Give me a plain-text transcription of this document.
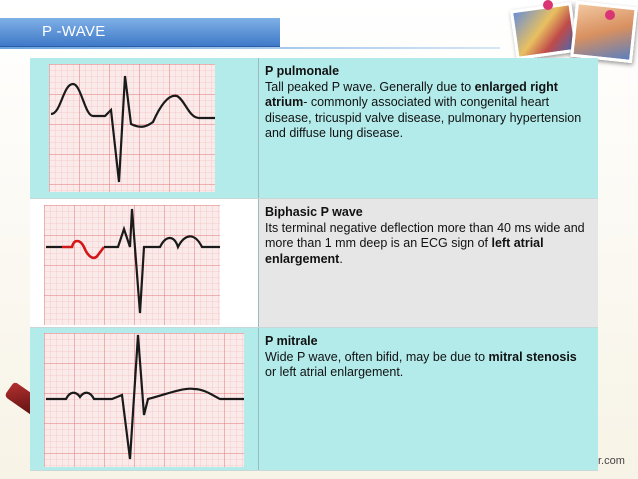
P -WAVE
r.com
P pulmonale
Tall peaked P wave. Generally due to enlarged right atrium- commonly associated with congenital heart disease, tricuspid valve disease, pulmonary hypertension and diffuse lung disease.
Biphasic P wave
Its terminal negative deflection more than 40 ms wide and more than 1 mm deep is an ECG sign of left atrial enlargement.
P mitrale
Wide P wave, often bifid, may be due to mitral stenosis or left atrial enlargement.
